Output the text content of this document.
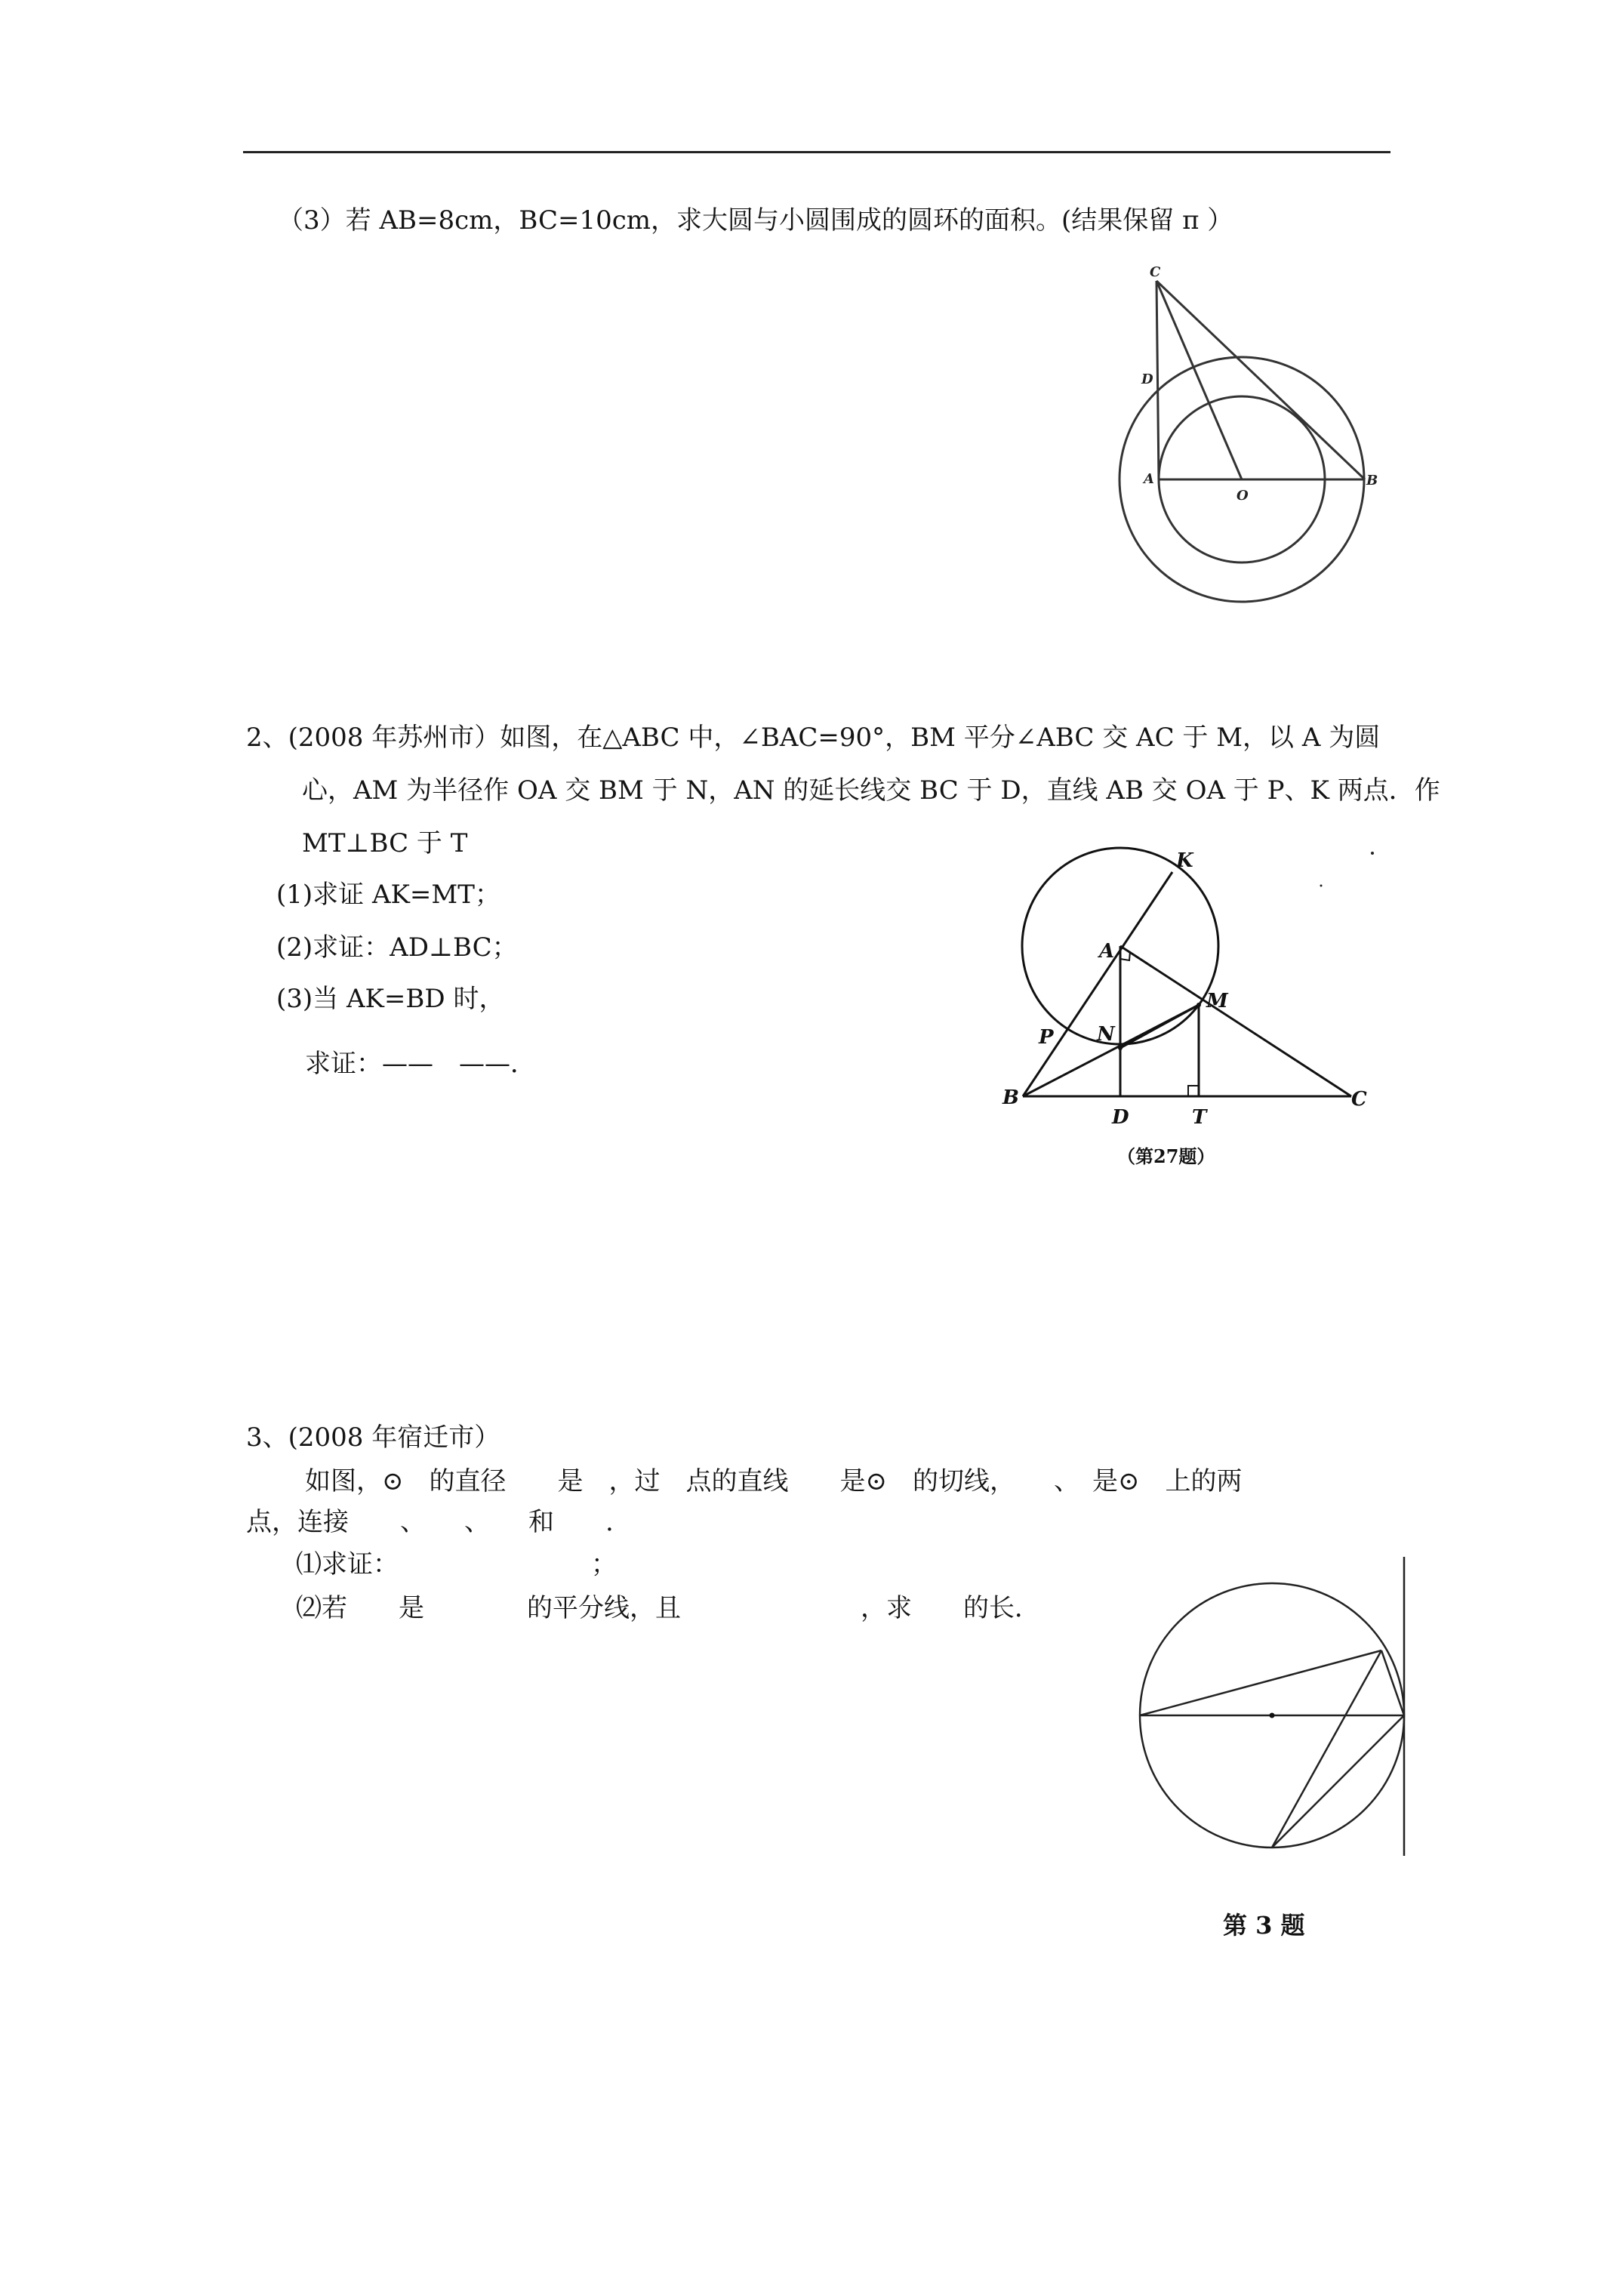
（3）若 AB=8cm，BC=10cm，求大圆与小圆围成的圆环的面积。(结果保留 π ）
C
D
A
O
B
2、(2008 年苏州市）如图，在△ABC 中，∠BAC=90°，BM 平分∠ABC 交 AC 于 M，以 A 为圆
心，AM 为半径作 OA 交 BM 于 N，AN 的延长线交 BC 于 D，直线 AB 交 OA 于 P、K 两点．作
MT⊥BC 于 T
(1)求证 AK=MT；
(2)求证：AD⊥BC；
(3)当 AK=BD 时，
求证：——　——．
K
A
M
P N
B
D	T
C
（第27题）
3、(2008 年宿迁市）
如图，⊙　的直径　　是　，过　点的直线　　是⊙　的切线，　　、　是⊙　上的两
点，连接　　、　　、　　和　　.
⑴求证：　　　　　　　　；
⑵若　　是　　　　的平分线，且　　　　　　　，求　　的长．
第 3 题
